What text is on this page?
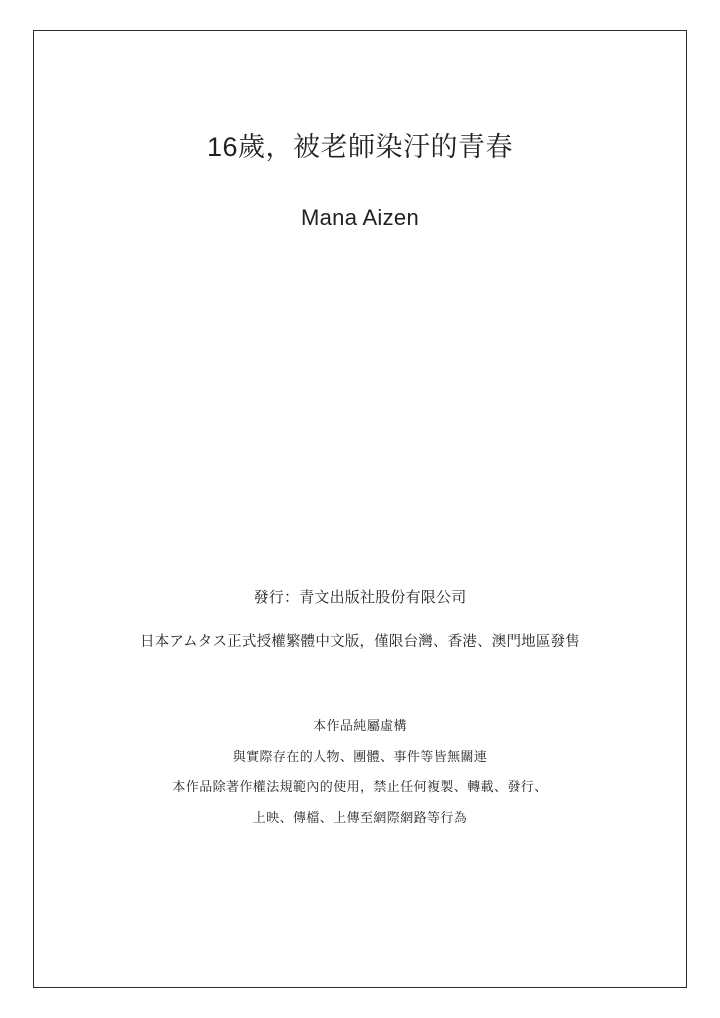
16歲，被老師染汙的青春
Mana Aizen
發行：青文出版社股份有限公司
日本アムタス正式授權繁體中文版，僅限台灣、香港、澳門地區發售
本作品純屬虛構
與實際存在的人物、團體、事件等皆無關連
本作品除著作權法規範內的使用，禁止任何複製、轉載、發行、
上映、傳檔、上傳至網際網路等行為
